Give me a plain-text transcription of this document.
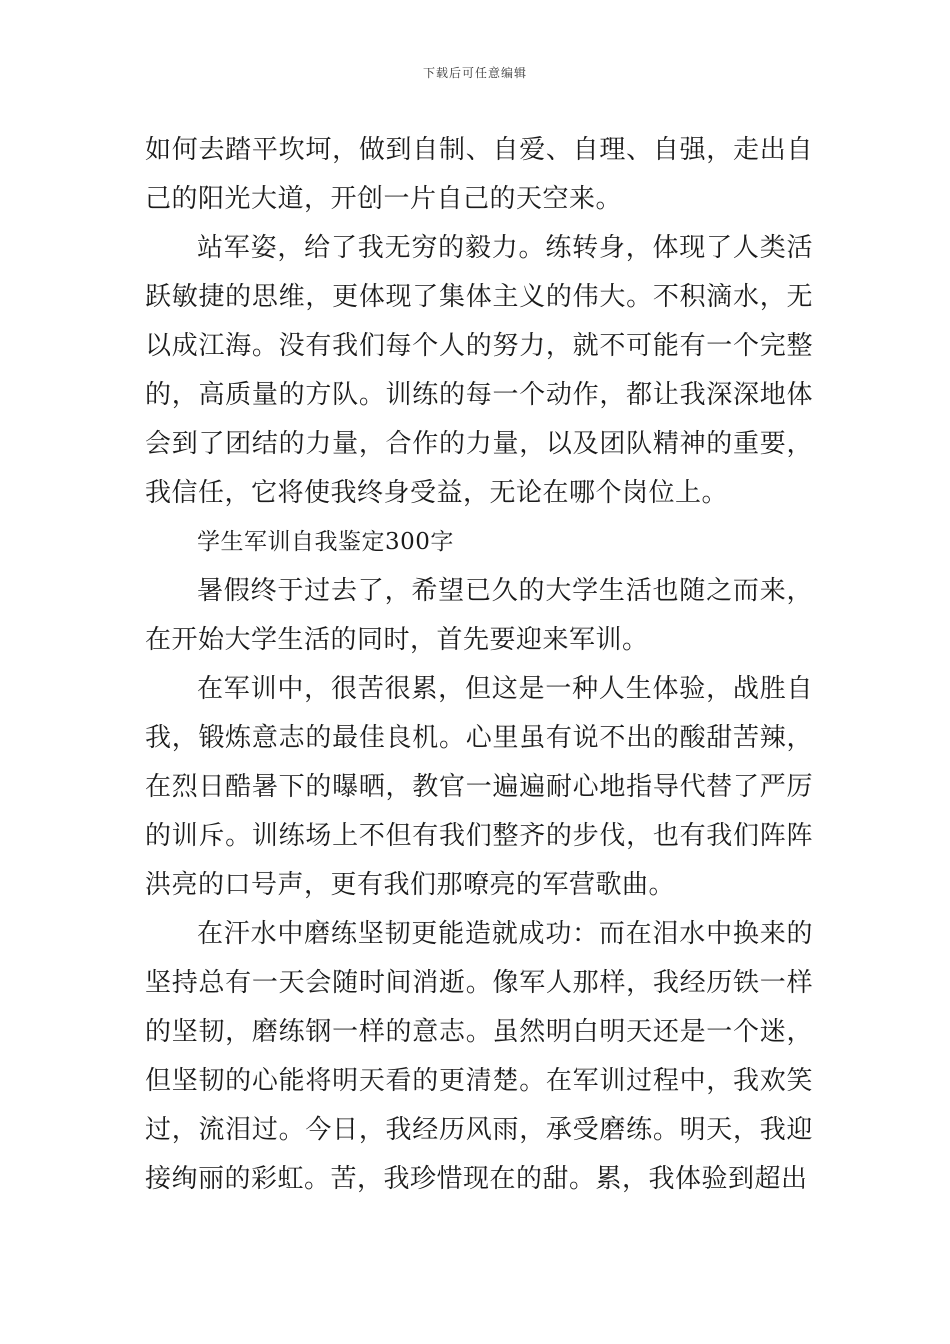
下载后可任意编辑

如何去踏平坎坷，做到自制、自爱、自理、自强，走出自己的阳光大道，开创一片自己的天空来。

站军姿，给了我无穷的毅力。练转身，体现了人类活跃敏捷的思维，更体现了集体主义的伟大。不积滴水，无以成江海。没有我们每个人的努力，就不可能有一个完整的，高质量的方队。训练的每一个动作，都让我深深地体会到了团结的力量，合作的力量，以及团队精神的重要，我信任，它将使我终身受益，无论在哪个岗位上。

学生军训自我鉴定300字

暑假终于过去了，希望已久的大学生活也随之而来，在开始大学生活的同时，首先要迎来军训。

在军训中，很苦很累，但这是一种人生体验，战胜自我，锻炼意志的最佳良机。心里虽有说不出的酸甜苦辣，在烈日酷暑下的曝晒，教官一遍遍耐心地指导代替了严厉的训斥。训练场上不但有我们整齐的步伐，也有我们阵阵洪亮的口号声，更有我们那嘹亮的军营歌曲。

在汗水中磨练坚韧更能造就成功：而在泪水中换来的坚持总有一天会随时间消逝。像军人那样，我经历铁一样的坚韧，磨练钢一样的意志。虽然明白明天还是一个迷，但坚韧的心能将明天看的更清楚。在军训过程中，我欢笑过，流泪过。今日，我经历风雨，承受磨练。明天，我迎接绚丽的彩虹。苦，我珍惜现在的甜。累，我体验到超出
